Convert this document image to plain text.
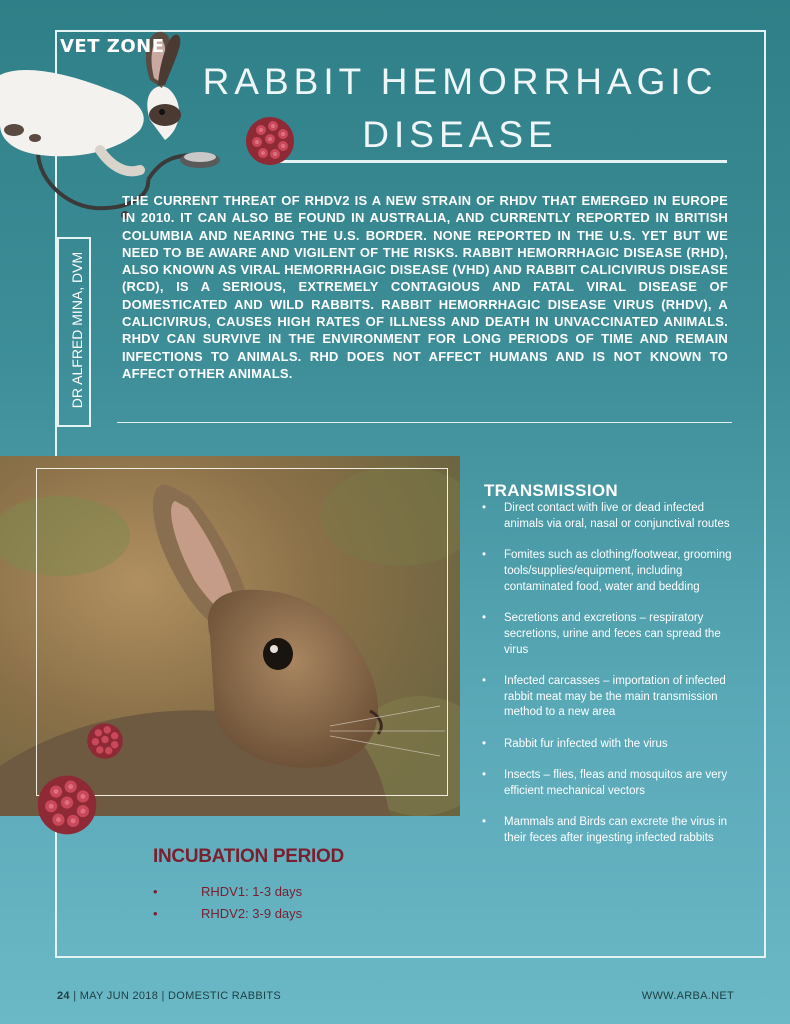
VET ZONE
RABBIT HEMORRHAGIC
DISEASE
DR ALFRED MINA, DVM
THE CURRENT THREAT OF RHDV2 IS A NEW STRAIN OF RHDV THAT EMERGED IN EUROPE IN 2010. IT CAN ALSO BE FOUND IN AUSTRALIA, AND CURRENTLY REPORTED IN BRITISH COLUMBIA AND NEARING THE U.S. BORDER. NONE REPORTED IN THE U.S. YET BUT WE NEED TO BE AWARE AND VIGILENT OF THE RISKS. RABBIT HEMORRHAGIC DISEASE (RHD), ALSO KNOWN AS VIRAL HEMORRHAGIC DISEASE (VHD) AND RABBIT CALICIVIRUS DISEASE (RCD), IS A SERIOUS, EXTREMELY CONTAGIOUS AND FATAL VIRAL DISEASE OF DOMESTICATED AND WILD RABBITS. RABBIT HEMORRHAGIC DISEASE VIRUS (RHDV), A CALICIVIRUS, CAUSES HIGH RATES OF ILLNESS AND DEATH IN UNVACCINATED ANIMALS. RHDV CAN SURVIVE IN THE ENVIRONMENT FOR LONG PERIODS OF TIME AND REMAIN INFECTIONS TO ANIMALS. RHD DOES NOT AFFECT HUMANS AND IS NOT KNOWN TO AFFECT OTHER ANIMALS.
TRANSMISSION
• Direct contact with live or dead infected animals via oral, nasal or conjunctival routes
• Fomites such as clothing/footwear, grooming tools/supplies/equipment, including contaminated food, water and bedding
• Secretions and excretions – respiratory secretions, urine and feces can spread the virus
• Infected carcasses – importation of infected rabbit meat may be the main transmission method to a new area
• Rabbit fur infected with the virus
• Insects – flies, fleas and mosquitos are very efficient mechanical vectors
• Mammals and Birds can excrete the virus in their feces after ingesting infected rabbits
INCUBATION PERIOD
• RHDV1: 1-3 days
• RHDV2: 3-9 days
24 | MAY JUN 2018 | DOMESTIC RABBITS	WWW.ARBA.NET
